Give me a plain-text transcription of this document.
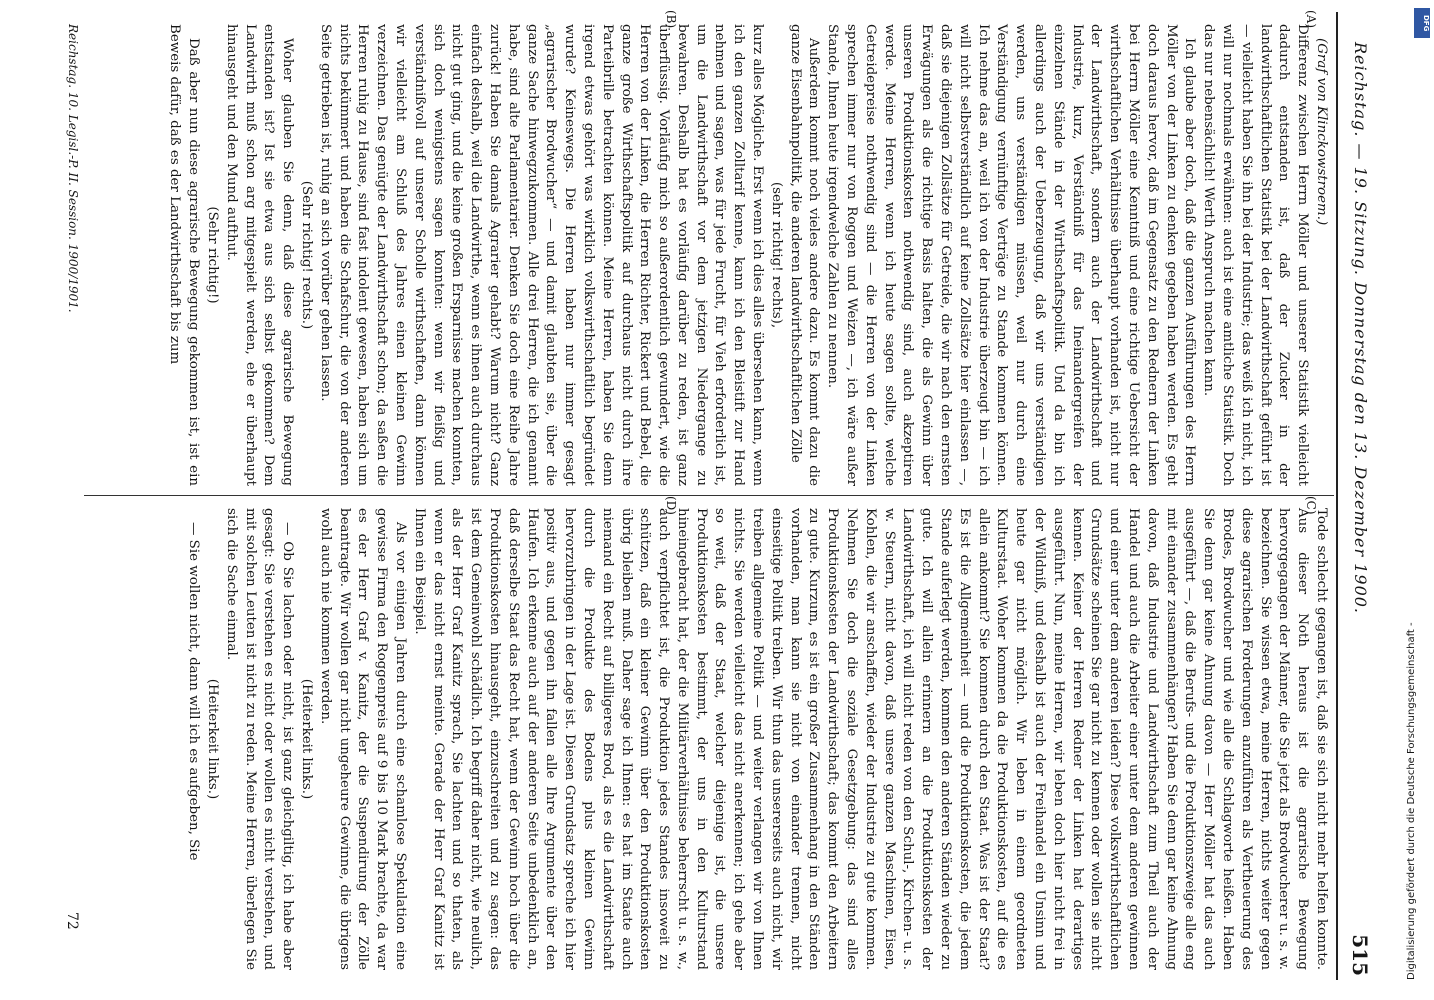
Reichstag. — 19. Sitzung. Donnerstag den 13. Dezember 1900.
515
(A)
(B)
(C)
(D)

(Graf von Klinckowstroem.)

Differenz zwischen Herrn Möller und unserer Statistik vielleicht dadurch entstanden ist, daß der Zucker in der landwirthschaftlichen Statistik bei der Landwirthschaft geführt ist — vielleicht haben Sie ihn bei der Industrie; das weiß ich nicht, ich will nur nochmals erwähnen: auch ist eine amtliche Statistik. Doch das nur nebensächlich! Werth Anspruch machen kann.

Ich glaube aber doch, daß die ganzen Ausführungen des Herrn Möller von der Linken zu denken gegeben haben werden. Es geht doch daraus hervor, daß im Gegensatz zu den Rednern der Linken bei Herrn Möller eine Kenntniß und eine richtige Uebersicht der wirthschaftlichen Verhältnisse überhaupt vorhanden ist, nicht nur der Landwirthschaft, sondern auch der Landwirthschaft und Industrie, kurz, Verständniß für das Ineinandergreifen der einzelnen Stände in der Wirthschaftspolitik. Und da bin ich allerdings auch der Ueberzeugung, daß wir uns verständigen werden, uns verständigen müssen, weil nur durch eine Verständigung vernünftige Verträge zu Stande kommen können. Ich nehme das an, weil ich von der Industrie überzeugt bin — ich will nicht selbstverständlich auf keine Zollsätze hier einlassen —, daß sie diejenigen Zollsätze für Getreide, die wir nach den ernsten Erwägungen als die richtige Basis halten, die als Gewinn über unseren Produktionskosten nothwendig sind, auch akzeptiren werde. Meine Herren, wenn ich heute sagen sollte, welche Getreidepreise nothwendig sind — die Herren von der Linken sprechen immer nur von Roggen und Weizen —, ich wäre außer Stande, Ihnen heute irgendwelche Zahlen zu nennen.

Außerdem kommt noch vieles andere dazu. Es kommt dazu die ganze Eisenbahnpolitik, die anderen landwirthschaftlichen Zölle

(sehr richtig! rechts),

kurz alles Mögliche. Erst wenn ich dies alles übersehen kann, wenn ich den ganzen Zolltarif kenne, kann ich den Bleistift zur Hand nehmen und sagen, was für jede Frucht, für Vieh erforderlich ist, um die Landwirthschaft vor dem jetzigen Niedergange zu bewahren. Deshalb hat es vorläufig darüber zu reden, ist ganz überflüssig. Vorläufig mich so außerordentlich gewundert, wie die Herren von der Linken, die Herren Richter, Rickert und Bebel, die ganze große Wirthschaftspolitik auf durchaus nicht durch ihre Parteibrille betrachten können. Meine Herren, haben Sie denn irgend etwas gehört was wirklich volkswirthschaftlich begründet wurde? Keineswegs. Die Herren haben nur immer gesagt „agrarischer Brodwucher“ — und damit glaubten sie, über die ganze Sache hinwegzukommen. Alle drei Herren, die ich genannt habe, sind alte Parlamentarier. Denken Sie doch eine Reihe Jahre zurück! Haben Sie damals Agrarier gehabt? Warum nicht? Ganz einfach deshalb, weil die Landwirthe, wenn es ihnen auch durchaus nicht gut ging, und die keine großen Ersparnisse machen konnten, sich doch wenigstens sagen konnten: wenn wir fleißig und verständnißvoll auf unserer Scholle wirthschaften, dann können wir vielleicht am Schluß des Jahres einen kleinen Gewinn verzeichnen. Das genügte der Landwirthschaft schon; da saßen die Herren ruhig zu Hause, sind fast indolent gewesen, haben sich um nichts bekümmert und haben die Schafschur, die von der anderen Seite getrieben ist, ruhig an sich vorüber gehen lassen.

(Sehr richtig! rechts.)

Woher glauben Sie denn, daß diese agrarische Bewegung entstanden ist? Ist sie etwa aus sich selbst gekommen? Dem Landwirth muß schon arg mitgespielt werden, ehe er überhaupt hinausgeht und den Mund aufthut.

(Sehr richtig!)

Daß aber nun diese agrarische Bewegung gekommen ist, ist ein Beweis dafür, daß es der Landwirthschaft bis zum

Tode schlecht gegangen ist, daß sie sich nicht mehr helfen konnte. Aus dieser Noth heraus ist die agrarische Bewegung hervorgegangen der Männer, die Sie jetzt als Brodwucherer u. s. w. bezeichnen. Sie wissen etwa, meine Herren, nichts weiter gegen diese agrarischen Forderungen anzuführen als Vertheuerung des Brodes, Brodwucher und wie alle die Schlagworte heißen. Haben Sie denn gar keine Ahnung davon — Herr Möller hat das auch ausgeführt —, daß die Berufs- und die Produktionszweige alle eng mit einander zusammenhängen? Haben Sie denn gar keine Ahnung davon, daß Industrie und Landwirthschaft zum Theil auch der Handel und auch die Arbeiter einer unter dem anderen gewinnen und einer unter dem anderen leiden? Diese volkswirthschaftlichen Grundsätze scheinen Sie gar nicht zu kennen oder wollen sie nicht kennen. Keiner der Herren Redner der Linken hat derartiges ausgeführt. Nun, meine Herren, wir leben doch hier nicht frei in der Wildniß, und deshalb ist auch der Freihandel ein Unsinn und heute gar nicht möglich. Wir leben in einem geordneten Kulturstaat. Woher kommen da die Produktionskosten, auf die es allein ankommt? Sie kommen durch den Staat. Was ist der Staat? Es ist die Allgemeinheit — und die Produktionskosten, die jedem Stande auferlegt werden, kommen den anderen Ständen wieder zu gute. Ich will allein erinnern an die Produktionskosten der Landwirthschaft, ich will nicht reden von den Schul-, Kirchen- u. s. w. Steuern, nicht davon, daß unsere ganzen Maschinen, Eisen, Kohlen, die wir anschaffen, wieder der Industrie zu gute kommen. Nehmen Sie doch die soziale Gesetzgebung: das sind alles Produktionskosten der Landwirthschaft; das kommt den Arbeitern zu gute. Kurzum, es ist ein großer Zusammenhang in den Ständen vorhanden, man kann sie nicht von einander trennen, nicht einseitige Politik treiben. Wir thun das unsererseits auch nicht, wir treiben allgemeine Politik — und weiter verlangen wir von Ihnen nichts. Sie werden vielleicht das nicht anerkennen; ich gehe aber so weit, daß der Staat, welcher diejenige ist, die unsere Produktionskosten bestimmt, der uns in den Kulturstand hineingebracht hat, der die Militärverhältnisse beherrscht u. s. w., auch verpflichtet ist, die Produktion jedes Standes insoweit zu schützen, daß ein kleiner Gewinn über den Produktionskosten übrig bleiben muß. Daher sage ich Ihnen: es hat im Staate auch niemand ein Recht auf billigeres Brod, als es die Landwirthschaft durch die Produkte des Bodens plus kleinen Gewinn hervorzubringen in der Lage ist. Diesen Grundsatz spreche ich hier positiv aus, und gegen ihn fallen alle Ihre Argumente über den Haufen. Ich erkenne auch auf der anderen Seite unbedenklich an, daß derselbe Staat das Recht hat, wenn der Gewinn hoch über die Produktionskosten hinausgeht, einzuschreiten und zu sagen: das ist dem Gemeinwohl schädlich. Ich begriff daher nicht, wie neulich, als der Herr Graf Kanitz sprach, Sie lachten und so thaten, als wenn er das nicht ernst meinte. Gerade der Herr Graf Kanitz ist Ihnen ein Beispiel.

Als vor einigen Jahren durch eine schamlose Spekulation eine gewisse Firma den Roggenpreis auf 9 bis 10 Mark brachte, da war es der Herr Graf v. Kanitz, der die Suspendirung der Zölle beantragte. Wir wollen gar nicht ungeheure Gewinne, die übrigens wohl auch nie kommen werden.

(Heiterkeit links.)

— Ob Sie lachen oder nicht, ist ganz gleichgiltig, ich habe aber gesagt: Sie verstehen es nicht oder wollen es nicht verstehen, und mit solchen Leuten ist nicht zu reden. Meine Herren, überlegen Sie sich die Sache einmal.

(Heiterkeit links.)

— Sie wollen nicht, dann will ich es aufgeben, Sie

Reichstag. 10. Legisl.-P. II. Session. 1900/1901.
72	Digitalisierung gefördert durch die Deutsche Forschungsgemeinschaft -
DFG
